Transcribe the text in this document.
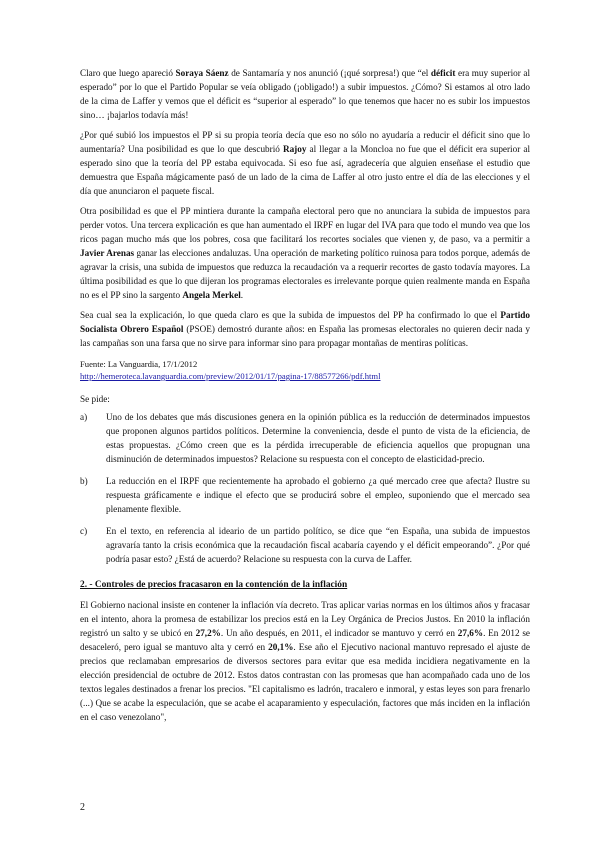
Claro que luego apareció Soraya Sáenz de Santamaría y nos anunció (¡qué sorpresa!) que “el déficit era muy superior al esperado” por lo que el Partido Popular se veía obligado (¡obligado!) a subir impuestos. ¿Cómo? Si estamos al otro lado de la cima de Laffer y vemos que el déficit es “superior al esperado” lo que tenemos que hacer no es subir los impuestos sino… ¡bajarlos todavía más!

¿Por qué subió los impuestos el PP si su propia teoría decía que eso no sólo no ayudaría a reducir el déficit sino que lo aumentaría? Una posibilidad es que lo que descubrió Rajoy al llegar a la Moncloa no fue que el déficit era superior al esperado sino que la teoría del PP estaba equivocada. Si eso fue así, agradecería que alguien enseñase el estudio que demuestra que España mágicamente pasó de un lado de la cima de Laffer al otro justo entre el día de las elecciones y el día que anunciaron el paquete fiscal.

Otra posibilidad es que el PP mintiera durante la campaña electoral pero que no anunciara la subida de impuestos para perder votos. Una tercera explicación es que han aumentado el IRPF en lugar del IVA para que todo el mundo vea que los ricos pagan mucho más que los pobres, cosa que facilitará los recortes sociales que vienen y, de paso, va a permitir a Javier Arenas ganar las elecciones andaluzas. Una operación de marketing político ruinosa para todos porque, además de agravar la crisis, una subida de impuestos que reduzca la recaudación va a requerir recortes de gasto todavía mayores. La última posibilidad es que lo que dijeran los programas electorales es irrelevante porque quien realmente manda en España no es el PP sino la sargento Angela Merkel.

Sea cual sea la explicación, lo que queda claro es que la subida de impuestos del PP ha confirmado lo que el Partido Socialista Obrero Español (PSOE) demostró durante años: en España las promesas electorales no quieren decir nada y las campañas son una farsa que no sirve para informar sino para propagar montañas de mentiras políticas.

Fuente: La Vanguardia, 17/1/2012

http://hemeroteca.lavanguardia.com/preview/2012/01/17/pagina-17/88577266/pdf.html

Se pide:

a)	Uno de los debates que más discusiones genera en la opinión pública es la reducción de determinados impuestos que proponen algunos partidos políticos. Determine la conveniencia, desde el punto de vista de la eficiencia, de estas propuestas. ¿Cómo creen que es la pérdida irrecuperable de eficiencia aquellos que propugnan una disminución de determinados impuestos? Relacione su respuesta con el concepto de elasticidad-precio.

b)	La reducción en el IRPF que recientemente ha aprobado el gobierno ¿a qué mercado cree que afecta? Ilustre su respuesta gráficamente e indique el efecto que se producirá sobre el empleo, suponiendo que el mercado sea plenamente flexible.

c)	En el texto, en referencia al ideario de un partido político, se dice que “en España, una subida de impuestos agravaría tanto la crisis económica que la recaudación fiscal acabaría cayendo y el déficit empeorando”. ¿Por qué podría pasar esto? ¿Está de acuerdo? Relacione su respuesta con la curva de Laffer.

2. - Controles de precios fracasaron en la contención de la inflación

El Gobierno nacional insiste en contener la inflación vía decreto. Tras aplicar varias normas en los últimos años y fracasar en el intento, ahora la promesa de estabilizar los precios está en la Ley Orgánica de Precios Justos. En 2010 la inflación registró un salto y se ubicó en 27,2%. Un año después, en 2011, el indicador se mantuvo y cerró en 27,6%. En 2012 se desaceleró, pero igual se mantuvo alta y cerró en 20,1%. Ese año el Ejecutivo nacional mantuvo represado el ajuste de precios que reclamaban empresarios de diversos sectores para evitar que esa medida incidiera negativamente en la elección presidencial de octubre de 2012. Estos datos contrastan con las promesas que han acompañado cada uno de los textos legales destinados a frenar los precios. "El capitalismo es ladrón, tracalero e inmoral, y estas leyes son para frenarlo (...) Que se acabe la especulación, que se acabe el acaparamiento y especulación, factores que más inciden en la inflación en el caso venezolano",

2
